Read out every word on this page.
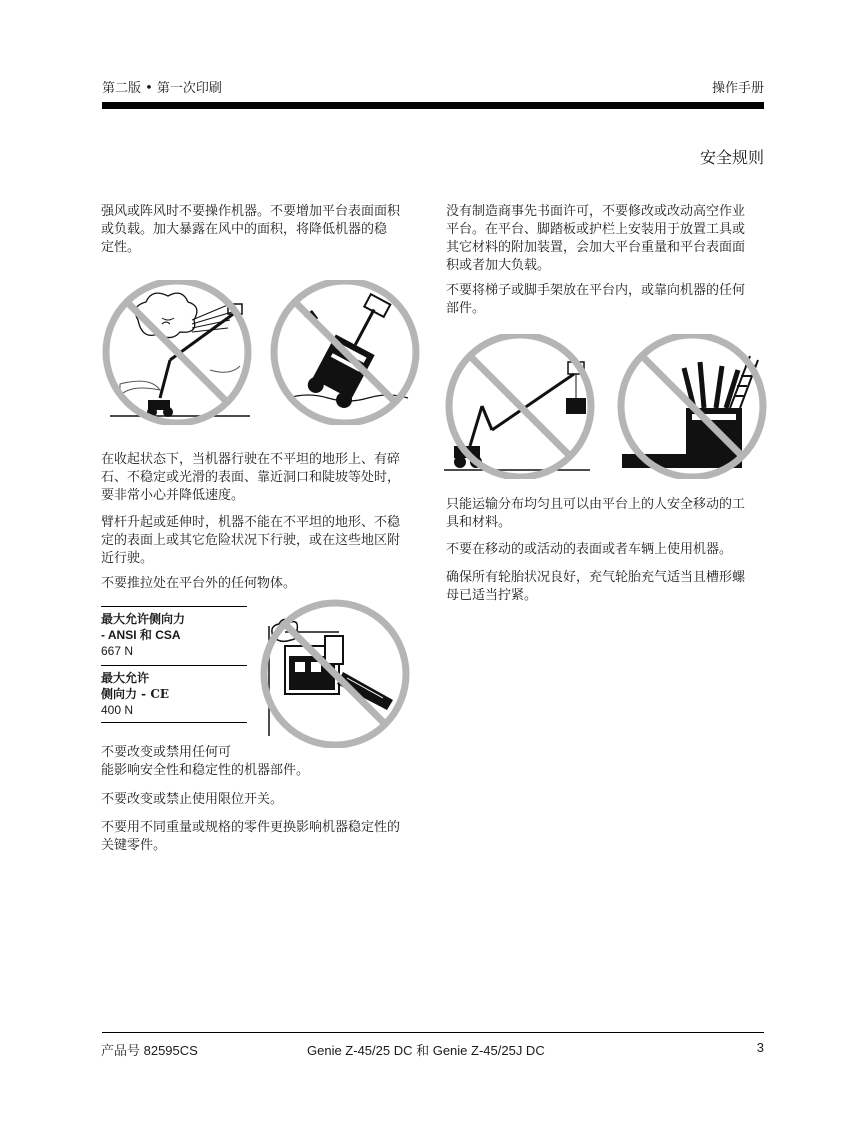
第二版 • 第一次印刷	操作手册
安全规则
强风或阵风时不要操作机器。不要增加平台表面面积
或负载。加大暴露在风中的面积，将降低机器的稳
定性。
在收起状态下，当机器行驶在不平坦的地形上、有碎
石、不稳定或光滑的表面、靠近洞口和陡坡等处时，
要非常小心并降低速度。
臂杆升起或延伸时，机器不能在不平坦的地形、不稳
定的表面上或其它危险状况下行驶，或在这些地区附
近行驶。
不要推拉处在平台外的任何物体。
最大允许侧向力
- ANSI 和 CSA
667 N
最大允许
侧向力 - CE
400 N
不要改变或禁用任何可
能影响安全性和稳定性的机器部件。
不要改变或禁止使用限位开关。
不要用不同重量或规格的零件更换影响机器稳定性的
关键零件。
没有制造商事先书面许可，不要修改或改动高空作业
平台。在平台、脚踏板或护栏上安装用于放置工具或
其它材料的附加装置，会加大平台重量和平台表面面
积或者加大负载。
不要将梯子或脚手架放在平台内，或靠向机器的任何
部件。
只能运输分布均匀且可以由平台上的人安全移动的工
具和材料。
不要在移动的或活动的表面或者车辆上使用机器。
确保所有轮胎状况良好，充气轮胎充气适当且槽形螺
母已适当拧紧。
产品号 82595CS	Genie Z-45/25 DC 和 Genie Z-45/25J DC	3
